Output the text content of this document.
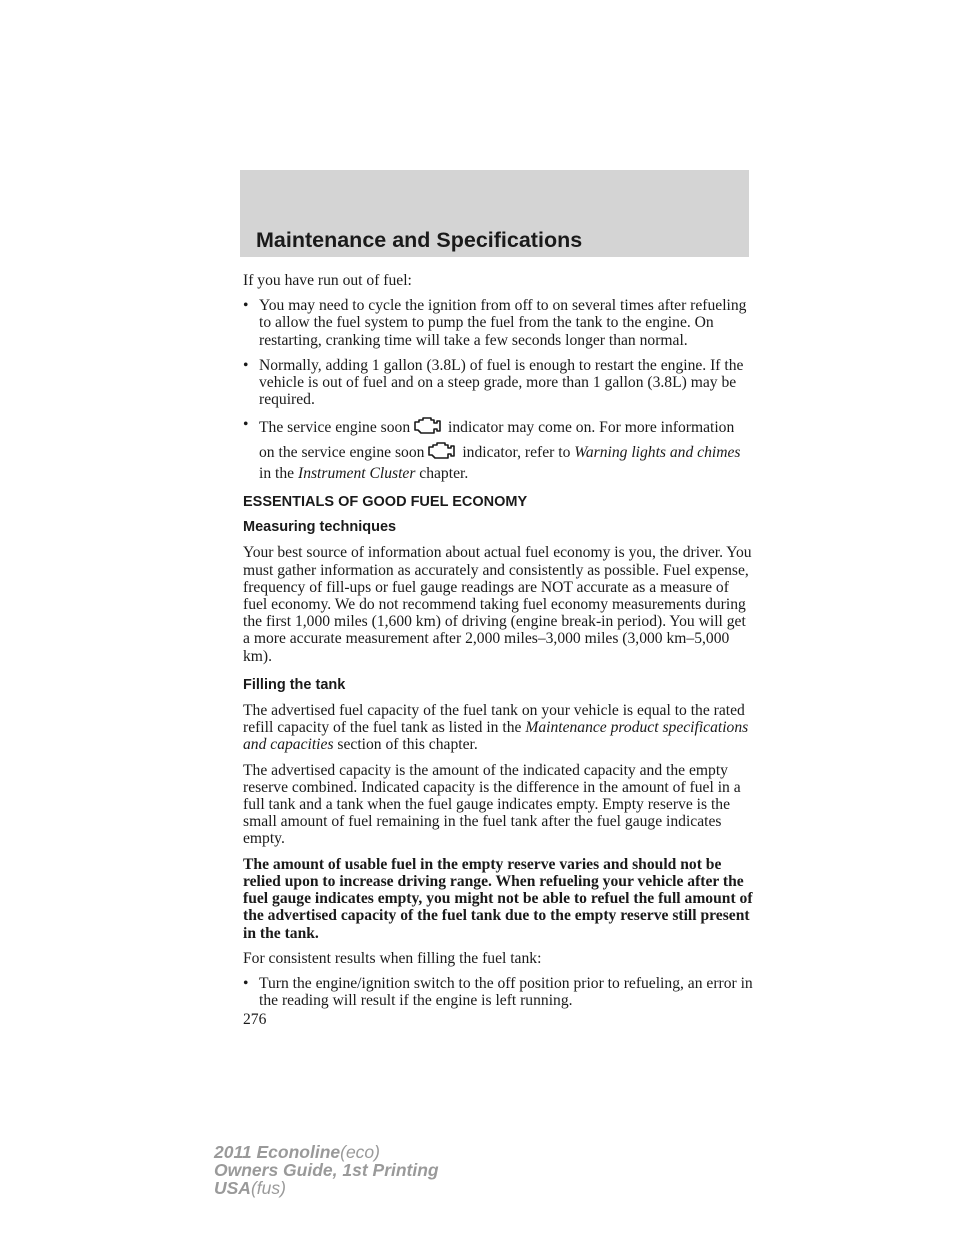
Maintenance and Specifications

If you have run out of fuel:

• You may need to cycle the ignition from off to on several times after refueling to allow the fuel system to pump the fuel from the tank to the engine. On restarting, cranking time will take a few seconds longer than normal.
• Normally, adding 1 gallon (3.8L) of fuel is enough to restart the engine. If the vehicle is out of fuel and on a steep grade, more than 1 gallon (3.8L) may be required.
• The service engine soon indicator may come on. For more information on the service engine soon indicator, refer to Warning lights and chimes in the Instrument Cluster chapter.
ESSENTIALS OF GOOD FUEL ECONOMY
Measuring techniques

Your best source of information about actual fuel economy is you, the driver. You must gather information as accurately and consistently as possible. Fuel expense, frequency of fill-ups or fuel gauge readings are NOT accurate as a measure of fuel economy. We do not recommend taking fuel economy measurements during the first 1,000 miles (1,600 km) of driving (engine break-in period). You will get a more accurate measurement after 2,000 miles–3,000 miles (3,000 km–5,000 km).

Filling the tank

The advertised fuel capacity of the fuel tank on your vehicle is equal to the rated refill capacity of the fuel tank as listed in the Maintenance product specifications and capacities section of this chapter.

The advertised capacity is the amount of the indicated capacity and the empty reserve combined. Indicated capacity is the difference in the amount of fuel in a full tank and a tank when the fuel gauge indicates empty. Empty reserve is the small amount of fuel remaining in the fuel tank after the fuel gauge indicates empty.

The amount of usable fuel in the empty reserve varies and should not be relied upon to increase driving range. When refueling your vehicle after the fuel gauge indicates empty, you might not be able to refuel the full amount of the advertised capacity of the fuel tank due to the empty reserve still present in the tank.

For consistent results when filling the fuel tank:

• Turn the engine/ignition switch to the off position prior to refueling, an error in the reading will result if the engine is left running.
276
2011 Econoline(eco)
Owners Guide, 1st Printing
USA(fus)
